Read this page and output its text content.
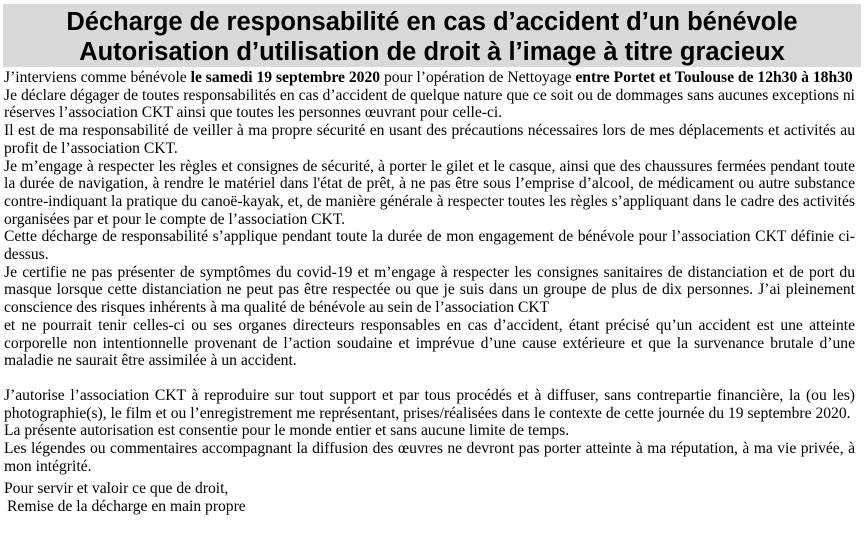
Décharge de responsabilité en cas d’accident d’un bénévole
Autorisation d’utilisation de droit à l’image à titre gracieux

J’interviens comme bénévole le samedi 19 septembre 2020 pour l’opération de Nettoyage entre Portet et Toulouse de 12h30 à 18h30

Je déclare dégager de toutes responsabilités en cas d’accident de quelque nature que ce soit ou de dommages sans aucunes exceptions ni réserves l’association CKT ainsi que toutes les personnes œuvrant pour celle-ci.

Il est de ma responsabilité de veiller à ma propre sécurité en usant des précautions nécessaires lors de mes déplacements et activités au profit de l’association CKT.

Je m’engage à respecter les règles et consignes de sécurité, à porter le gilet et le casque, ainsi que des chaussures fermées pendant toute la durée de navigation, à rendre le matériel dans l'état de prêt, à ne pas être sous l’emprise d’alcool, de médicament ou autre substance contre-indiquant la pratique du canoë-kayak, et, de manière générale à respecter toutes les règles s’appliquant dans le cadre des activités organisées par et pour le compte de l’association CKT.

Cette décharge de responsabilité s’applique pendant toute la durée de mon engagement de bénévole pour l’association CKT définie ci-dessus.

Je certifie ne pas présenter de symptômes du covid-19 et m’engage à respecter les consignes sanitaires de distanciation et de port du masque lorsque cette distanciation ne peut pas être respectée ou que je suis dans un groupe de plus de dix personnes. J’ai pleinement conscience des risques inhérents à ma qualité de bénévole au sein de l’association CKT

et ne pourrait tenir celles-ci ou ses organes directeurs responsables en cas d’accident, étant précisé qu’un accident est une atteinte corporelle non intentionnelle provenant de l’action soudaine et imprévue d’une cause extérieure et que la survenance brutale d’une maladie ne saurait être assimilée à un accident.

J’autorise l’association CKT à reproduire sur tout support et par tous procédés et à diffuser, sans contrepartie financière, la (ou les) photographie(s), le film et ou l’enregistrement me représentant, prises/réalisées dans le contexte de cette journée du 19 septembre 2020.

La présente autorisation est consentie pour le monde entier et sans aucune limite de temps.

Les légendes ou commentaires accompagnant la diffusion des œuvres ne devront pas porter atteinte à ma réputation, à ma vie privée, à mon intégrité.

Pour servir et valoir ce que de droit,

Remise de la décharge en main propre
